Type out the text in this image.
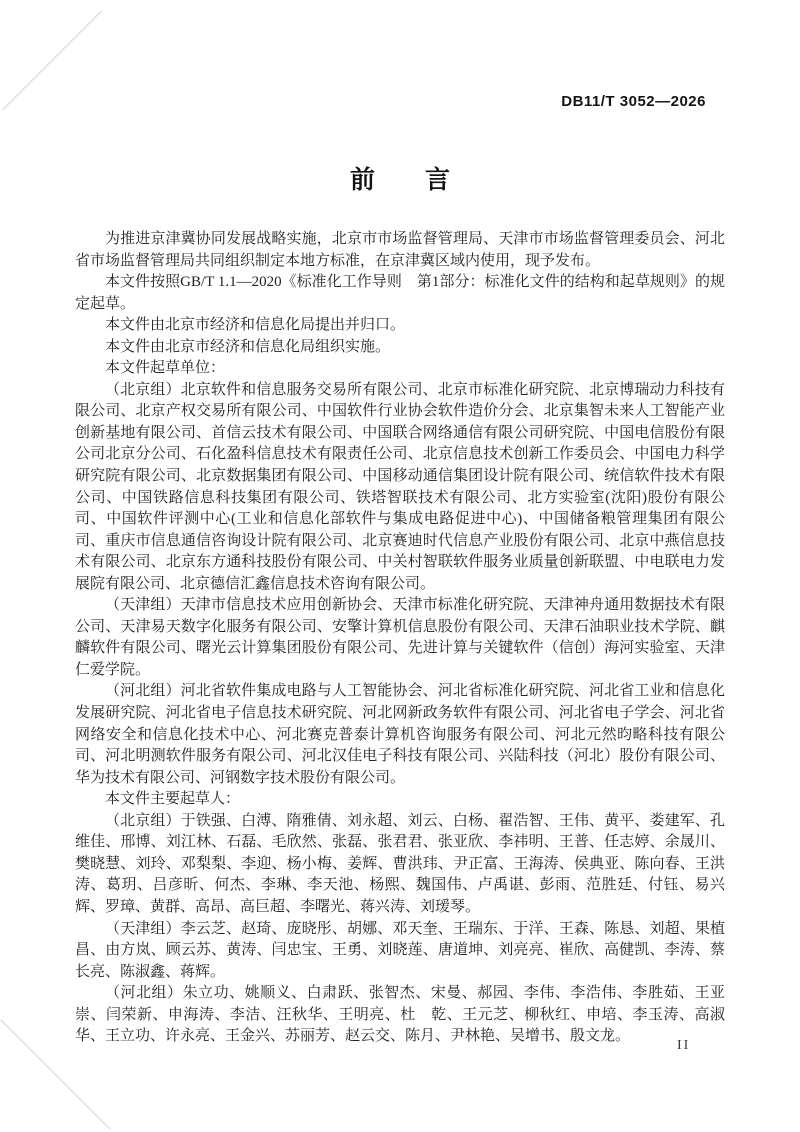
DB11/T 3052—2026
前　　言

为推进京津冀协同发展战略实施，北京市市场监督管理局、天津市市场监督管理委员会、河北省市场监督管理局共同组织制定本地方标准，在京津冀区域内使用，现予发布。

本文件按照GB/T 1.1—2020《标准化工作导则　第1部分：标准化文件的结构和起草规则》的规定起草。

本文件由北京市经济和信息化局提出并归口。

本文件由北京市经济和信息化局组织实施。

本文件起草单位：

（北京组）北京软件和信息服务交易所有限公司、北京市标准化研究院、北京博瑞动力科技有限公司、北京产权交易所有限公司、中国软件行业协会软件造价分会、北京集智未来人工智能产业创新基地有限公司、首信云技术有限公司、中国联合网络通信有限公司研究院、中国电信股份有限公司北京分公司、石化盈科信息技术有限责任公司、北京信息技术创新工作委员会、中国电力科学研究院有限公司、北京数据集团有限公司、中国移动通信集团设计院有限公司、统信软件技术有限公司、中国铁路信息科技集团有限公司、铁塔智联技术有限公司、北方实验室(沈阳)股份有限公司、中国软件评测中心(工业和信息化部软件与集成电路促进中心)、中国储备粮管理集团有限公司、重庆市信息通信咨询设计院有限公司、北京赛迪时代信息产业股份有限公司、北京中燕信息技术有限公司、北京东方通科技股份有限公司、中关村智联软件服务业质量创新联盟、中电联电力发展院有限公司、北京德信汇鑫信息技术咨询有限公司。

（天津组）天津市信息技术应用创新协会、天津市标准化研究院、天津神舟通用数据技术有限公司、天津易天数字化服务有限公司、安擎计算机信息股份有限公司、天津石油职业技术学院、麒麟软件有限公司、曙光云计算集团股份有限公司、先进计算与关键软件（信创）海河实验室、天津仁爱学院。

（河北组）河北省软件集成电路与人工智能协会、河北省标准化研究院、河北省工业和信息化发展研究院、河北省电子信息技术研究院、河北网新政务软件有限公司、河北省电子学会、河北省网络安全和信息化技术中心、河北赛克普泰计算机咨询服务有限公司、河北元然昀略科技有限公司、河北明测软件服务有限公司、河北汉佳电子科技有限公司、兴陆科技（河北）股份有限公司、华为技术有限公司、河钢数字技术股份有限公司。

本文件主要起草人：

（北京组）于铁强、白溥、隋雅倩、刘永超、刘云、白杨、翟浩智、王伟、黄平、娄建军、孔维佳、邢博、刘江林、石磊、毛欣然、张磊、张君君、张亚欣、李祎明、王普、任志婷、余晟川、樊晓慧、刘玲、邓梨梨、李迎、杨小梅、姜辉、曹洪玮、尹正富、王海涛、侯典亚、陈向春、王洪涛、葛玥、吕彦昕、何杰、李琳、李天池、杨熙、魏国伟、卢禹谌、彭雨、范胜廷、付钰、易兴辉、罗璋、黄群、高昂、高巨超、李曙光、蒋兴涛、刘瑷琴。

（天津组）李云芝、赵琦、庞晓彤、胡娜、邓天奎、王瑞东、于洋、王森、陈恳、刘超、果植昌、由方岚、顾云苏、黄涛、闫忠宝、王勇、刘晓莲、唐道坤、刘亮亮、崔欣、高健凯、李涛、蔡长亮、陈淑鑫、蒋辉。

（河北组）朱立功、姚顺义、白肃跃、张智杰、宋曼、郝园、李伟、李浩伟、李胜茹、王亚崇、闫荣新、申海涛、李洁、汪秋华、王明亮、杜　乾、王元芝、柳秋红、申培、李玉涛、高淑华、王立功、许永亮、王金兴、苏丽芳、赵云交、陈月、尹林艳、吴增书、殷文龙。

II
